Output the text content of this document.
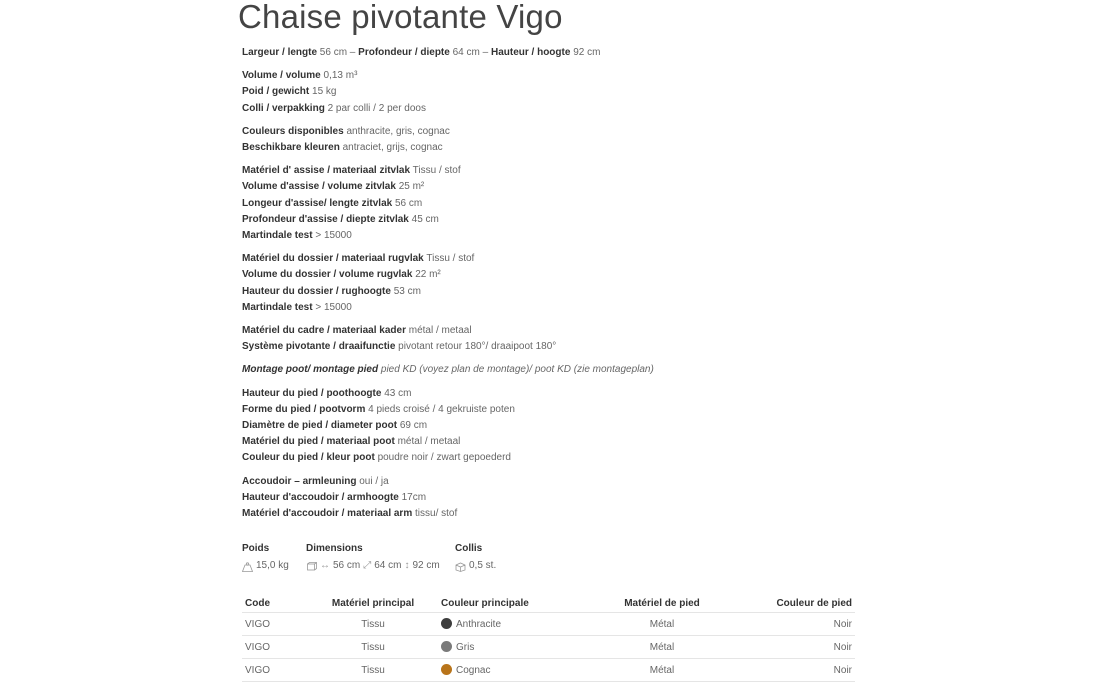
Chaise pivotante Vigo

Largeur / lengte 56 cm – Profondeur / diepte 64 cm – Hauteur / hoogte 92 cm

Volume / volume 0,13 m³
Poid / gewicht 15 kg
Colli / verpakking 2 par colli / 2 per doos

Couleurs disponibles anthracite, gris, cognac
Beschikbare kleuren antraciet, grijs, cognac

Matériel d' assise / materiaal zitvlak Tissu / stof
Volume d'assise / volume zitvlak 25 m²
Longeur d'assise/ lengte zitvlak 56 cm
Profondeur d'assise / diepte zitvlak 45 cm
Martindale test > 15000

Matériel du dossier / materiaal rugvlak Tissu / stof
Volume du dossier / volume rugvlak 22 m²
Hauteur du dossier / rughoogte 53 cm
Martindale test > 15000

Matériel du cadre / materiaal kader métal / metaal
Système pivotante / draaifunctie pivotant retour 180°/ draaipoot 180°

Montage poot/ montage pied pied KD (voyez plan de montage)/ poot KD (zie montageplan)

Hauteur du pied / poothoogte 43 cm
Forme du pied / pootvorm 4 pieds croisé / 4 gekruiste poten
Diamètre de pied / diameter poot 69 cm
Matériel du pied / materiaal poot métal / metaal
Couleur du pied / kleur poot poudre noir / zwart gepoederd

Accoudoir – armleuning oui / ja
Hauteur d'accoudoir / armhoogte 17cm
Matériel d'accoudoir / materiaal arm tissu/ stof

Poids
15,0 kg
Dimensions
↔ 56 cm ⤢ 64 cm ↕ 92 cm
Collis
0,5 st.
Code	Matériel principal	Couleur principale	Matériel de pied	Couleur de pied
VIGO	Tissu	Anthracite	Métal	Noir
VIGO	Tissu	Gris	Métal	Noir
VIGO	Tissu	Cognac	Métal	Noir
